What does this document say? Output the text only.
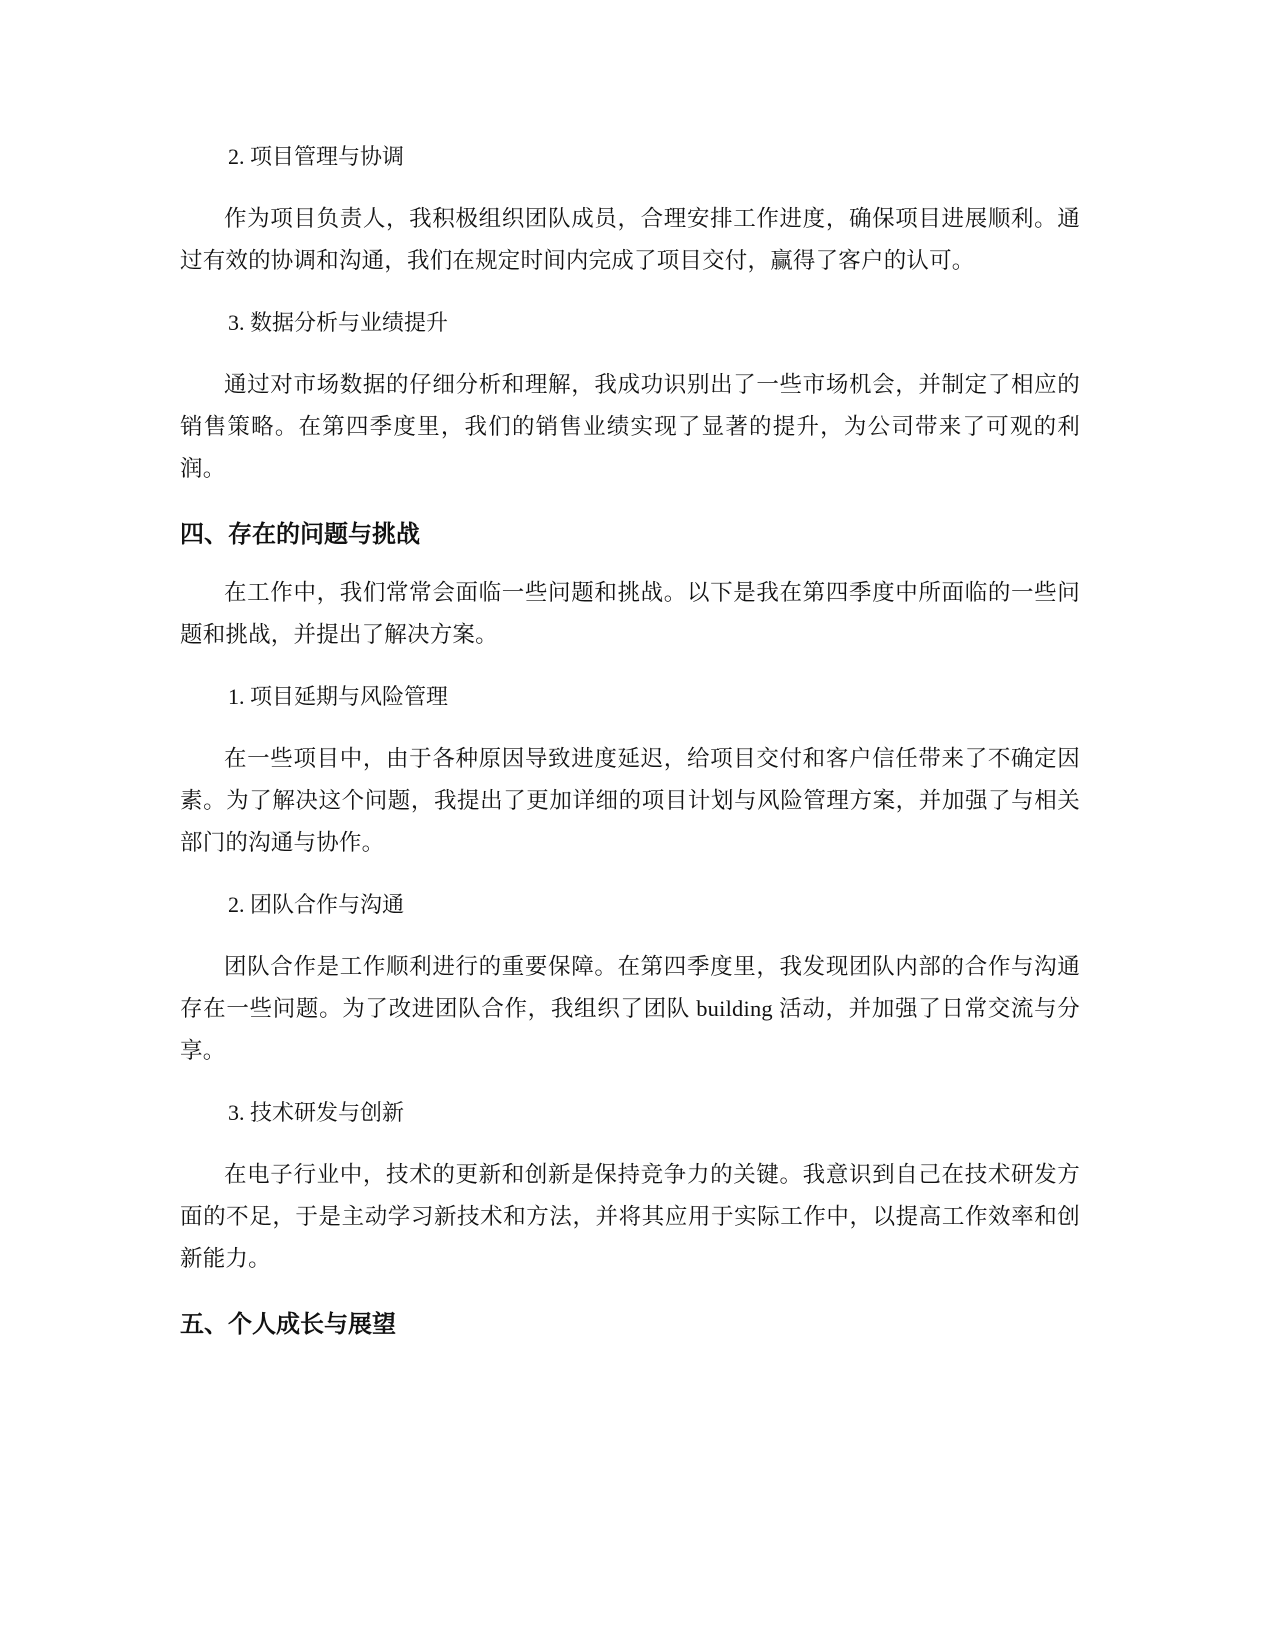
2. 项目管理与协调

作为项目负责人，我积极组织团队成员，合理安排工作进度，确保项目进展顺利。通过有效的协调和沟通，我们在规定时间内完成了项目交付，赢得了客户的认可。

3. 数据分析与业绩提升

通过对市场数据的仔细分析和理解，我成功识别出了一些市场机会，并制定了相应的销售策略。在第四季度里，我们的销售业绩实现了显著的提升，为公司带来了可观的利润。

四、存在的问题与挑战

在工作中，我们常常会面临一些问题和挑战。以下是我在第四季度中所面临的一些问题和挑战，并提出了解决方案。

1. 项目延期与风险管理

在一些项目中，由于各种原因导致进度延迟，给项目交付和客户信任带来了不确定因素。为了解决这个问题，我提出了更加详细的项目计划与风险管理方案，并加强了与相关部门的沟通与协作。

2. 团队合作与沟通

团队合作是工作顺利进行的重要保障。在第四季度里，我发现团队内部的合作与沟通存在一些问题。为了改进团队合作，我组织了团队 building 活动，并加强了日常交流与分享。

3. 技术研发与创新

在电子行业中，技术的更新和创新是保持竞争力的关键。我意识到自己在技术研发方面的不足，于是主动学习新技术和方法，并将其应用于实际工作中，以提高工作效率和创新能力。

五、个人成长与展望
